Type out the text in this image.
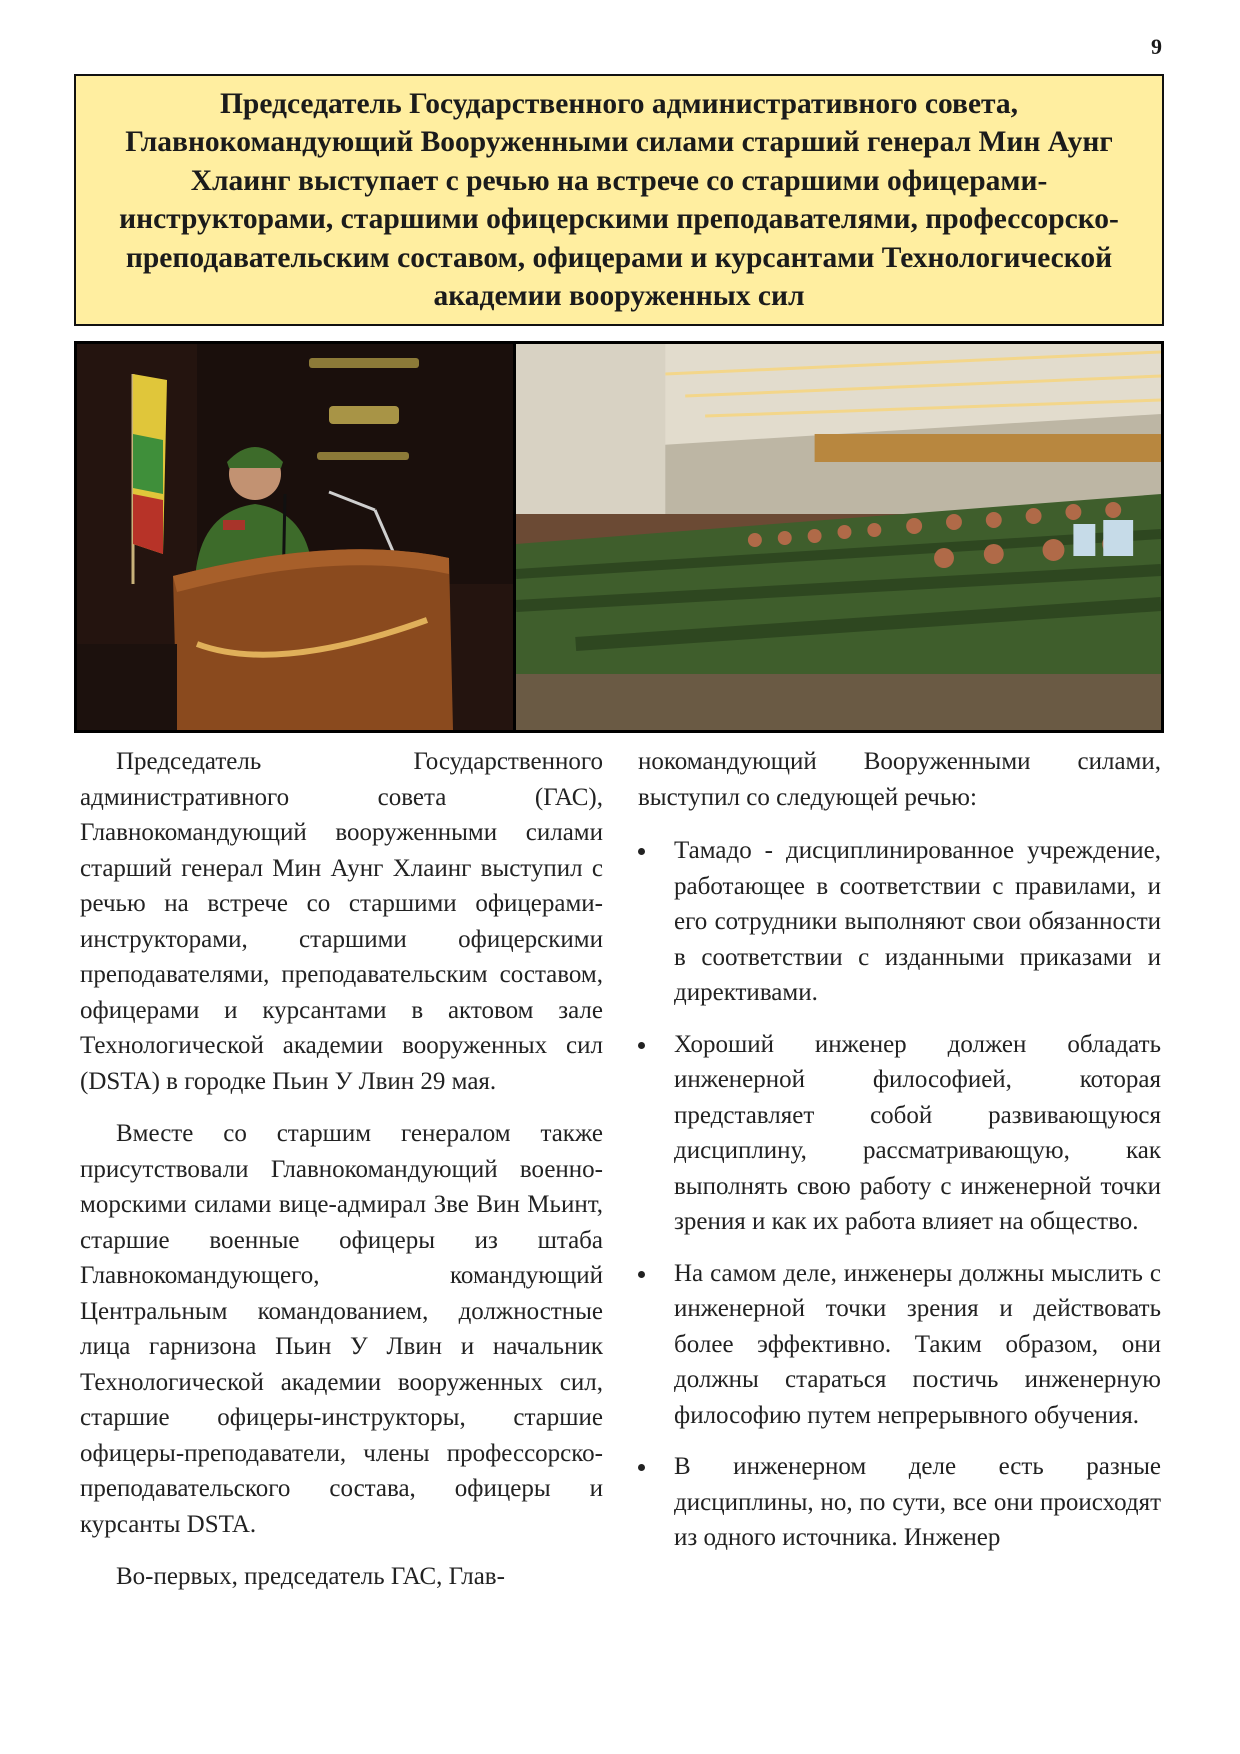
9
Председатель Государственного административного совета, Главнокомандующий Вооруженными силами старший генерал Мин Аунг Хлаинг выступает с речью на встрече со старшими офицерами-инструкторами, старшими офицерскими преподавателями, профессорско-преподавательским составом, офицерами и курсантами Технологической академии вооруженных сил

Председатель Государственного административного совета (ГАС), Главнокомандующий вооруженными силами старший генерал Мин Аунг Хлаинг выступил с речью на встрече со старшими офицерами-инструкторами, старшими офицерскими преподавателями, преподавательским составом, офицерами и курсантами в актовом зале Технологической академии вооруженных сил (DSTA) в городке Пьин У Лвин 29 мая.

Вместе со старшим генералом также присутствовали Главнокомандующий военно-морскими силами вице-адмирал Зве Вин Мьинт, старшие военные офицеры из штаба Главнокомандующего, командующий Центральным командованием, должностные лица гарнизона Пьин У Лвин и начальник Технологической академии вооруженных сил, старшие офицеры-инструкторы, старшие офицеры-преподаватели, члены профессорско-преподавательского состава, офицеры и курсанты DSTA.

Во-первых, председатель ГАС, Глав-

нокомандующий Вооруженными силами, выступил со следующей речью:

Тамадо - дисциплинированное учреждение, работающее в соответствии с правилами, и его сотрудники выполняют свои обязанности в соответствии с изданными приказами и директивами.
Хороший инженер должен обладать инженерной философией, которая представляет собой развивающуюся дисциплину, рассматривающую, как выполнять свою работу с инженерной точки зрения и как их работа влияет на общество.
На самом деле, инженеры должны мыслить с инженерной точки зрения и действовать более эффективно. Таким образом, они должны стараться постичь инженерную философию путем непрерывного обучения.
В инженерном деле есть разные дисциплины, но, по сути, все они происходят из одного источника. Инженер
